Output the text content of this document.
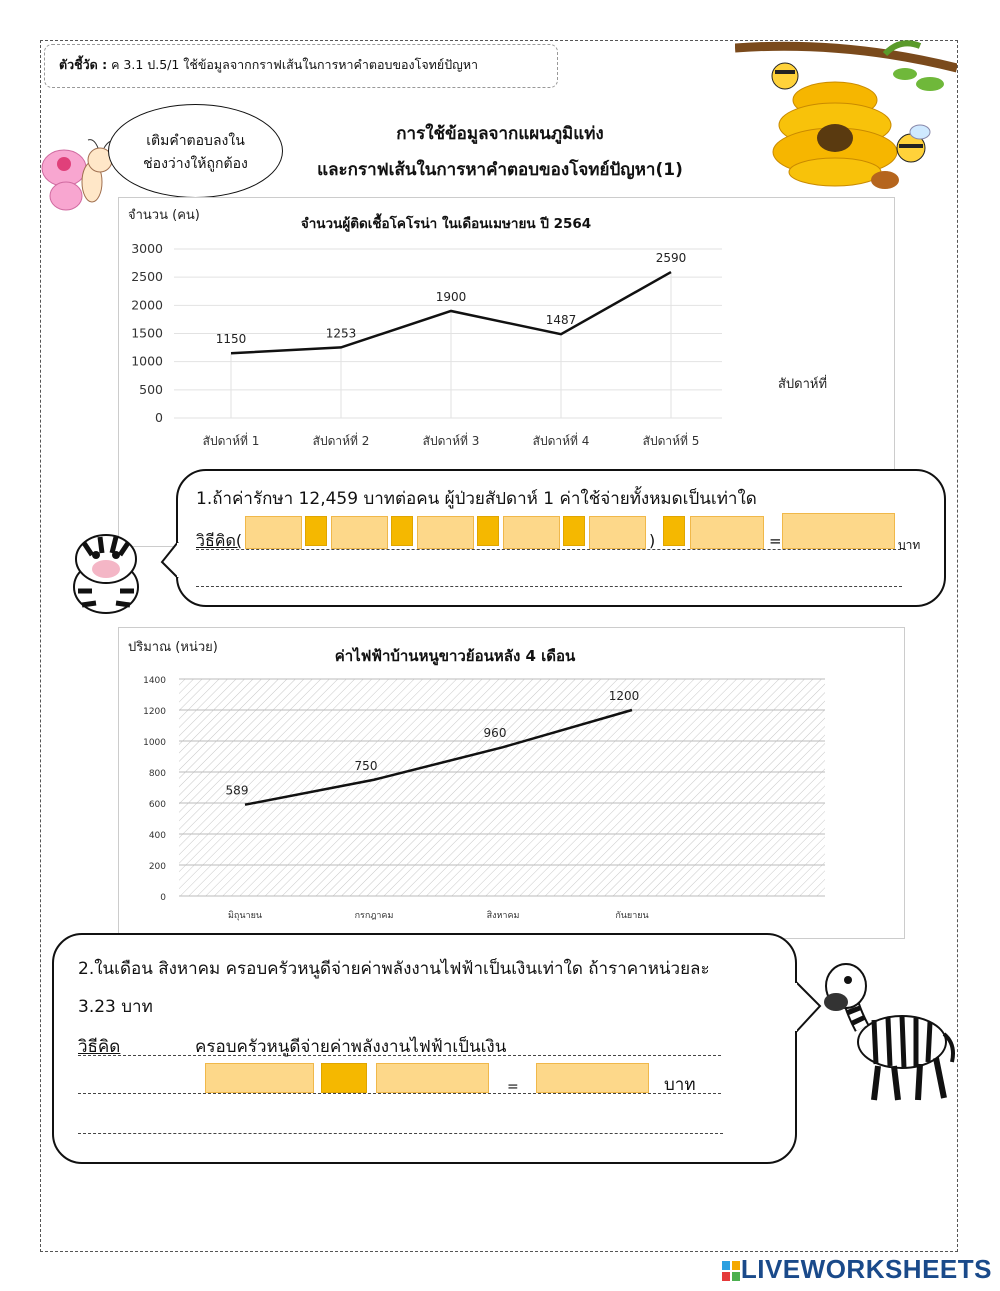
ตัวชี้วัด : ค 3.1 ป.5/1 ใช้ข้อมูลจากกราฟเส้นในการหาคำตอบของโจทย์ปัญหา
การใช้ข้อมูลจากแผนภูมิแท่ง
และกราฟเส้นในการหาคำตอบของโจทย์ปัญหา(1)
เติมคำตอบลงใน
ช่องว่างให้ถูกต้อง
จำนวน (คน)
จำนวนผู้ติดเชื้อโคโรน่า ในเดือนเมษายน ปี 2564
สัปดาห์ที่
0
500
1000
1500
2000
2500
3000
สัปดาห์ที่ 1	สัปดาห์ที่ 2	สัปดาห์ที่ 3	สัปดาห์ที่ 4	สัปดาห์ที่ 5
1150	1253
1900
1487
2590
1.ถ้าค่ารักษา 12,459 บาทต่อคน ผู้ป่วยสัปดาห์ 1 ค่าใช้จ่ายทั้งหมดเป็นเท่าใด
วิธีคิด(	)	=	บาท
ปริมาณ (หน่วย)	ค่าไฟฟ้าบ้านหนูขาวย้อนหลัง 4 เดือน
0
200
400
600
800
1000
1200
1400
มิถุนายน	กรกฎาคม	สิงหาคม	กันยายน
589
750
960
1200
2.ในเดือน สิงหาคม ครอบครัวหนูดีจ่ายค่าพลังงานไฟฟ้าเป็นเงินเท่าใด ถ้าราคาหน่วยละ
3.23 บาท
วิธีคิด	ครอบครัวหนูดีจ่ายค่าพลังงานไฟฟ้าเป็นเงิน
=	บาท

LIVEWORKSHEETS
